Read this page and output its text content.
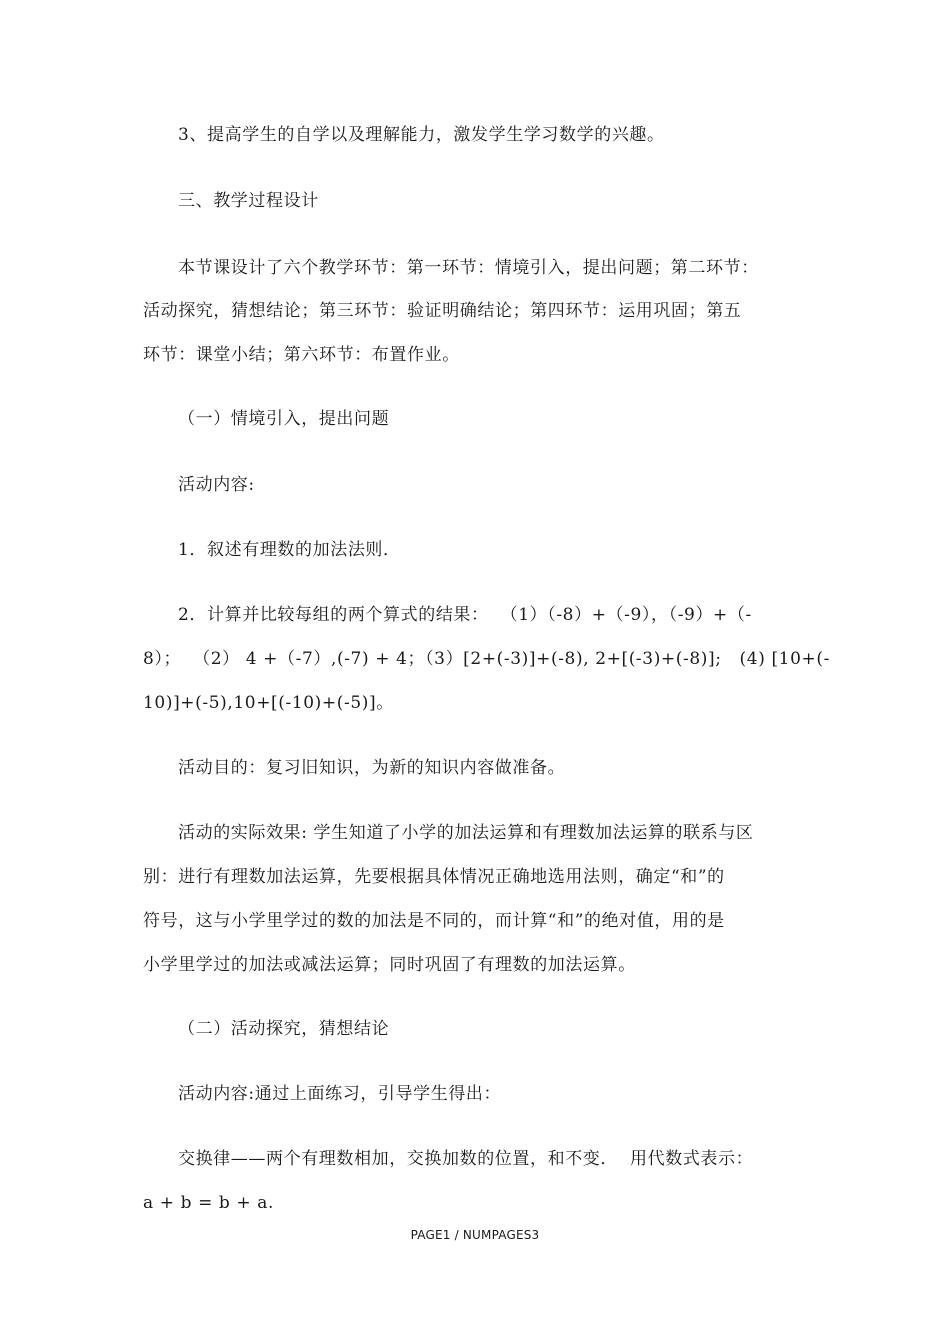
3、提高学生的自学以及理解能力，激发学生学习数学的兴趣。
三、教学过程设计
本节课设计了六个教学环节：第一环节：情境引入，提出问题；第二环节：
活动探究，猜想结论；第三环节：验证明确结论；第四环节：运用巩固；第五
环节：课堂小结；第六环节：布置作业。
（一）情境引入，提出问题
活动内容:
1．叙述有理数的加法法则．
2．计算并比较每组的两个算式的结果：  （1）（-8）+（-9），（-9）+（-
8）；  （2） 4 +（-7）,(-7) + 4；（3）[2+(-3)]+(-8), 2+[(-3)+(-8)];   (4) [10+(-
10)]+(-5),10+[(-10)+(-5)]。
活动目的：复习旧知识，为新的知识内容做准备。
活动的实际效果: 学生知道了小学的加法运算和有理数加法运算的联系与区
别：进行有理数加法运算，先要根据具体情况正确地选用法则，确定“和”的
符号，这与小学里学过的数的加法是不同的，而计算“和”的绝对值，用的是
小学里学过的加法或减法运算；同时巩固了有理数的加法运算。
（二）活动探究，猜想结论
活动内容:通过上面练习，引导学生得出：
交换律——两个有理数相加，交换加数的位置，和不变．  用代数式表示：
a + b = b + a.
PAGE1 / NUMPAGES3
